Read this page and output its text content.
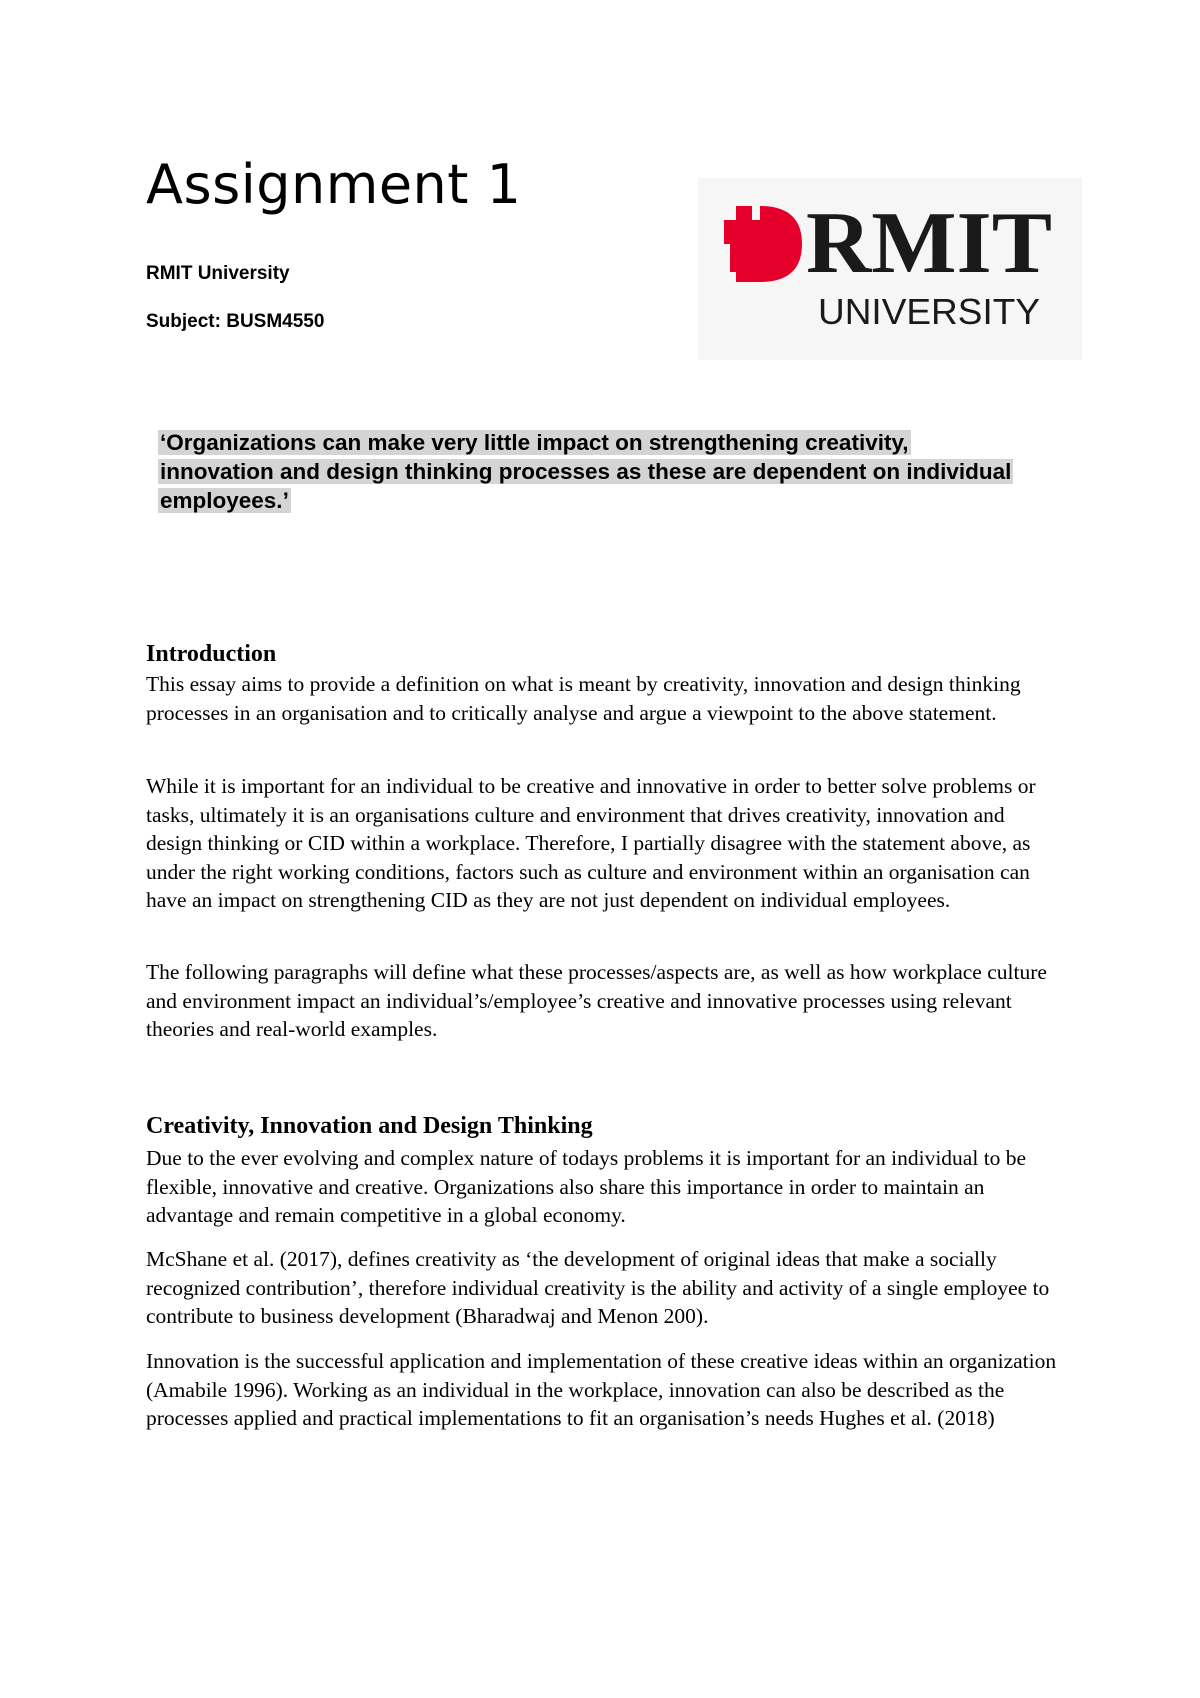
Assignment 1
RMIT University
Subject: BUSM4550
RMIT
UNIVERSITY

‘Organizations can make very little impact on strengthening creativity, innovation and design thinking processes as these are dependent on individual employees.’

Introduction

This essay aims to provide a definition on what is meant by creativity, innovation and design thinking processes in an organisation and to critically analyse and argue a viewpoint to the above statement.

While it is important for an individual to be creative and innovative in order to better solve problems or tasks, ultimately it is an organisations culture and environment that drives creativity, innovation and design thinking or CID within a workplace. Therefore, I partially disagree with the statement above, as under the right working conditions, factors such as culture and environment within an organisation can have an impact on strengthening CID as they are not just dependent on individual employees.

The following paragraphs will define what these processes/aspects are, as well as how workplace culture and environment impact an individual’s/employee’s creative and innovative processes using relevant theories and real-world examples.

Creativity, Innovation and Design Thinking

Due to the ever evolving and complex nature of todays problems it is important for an individual to be flexible, innovative and creative. Organizations also share this importance in order to maintain an advantage and remain competitive in a global economy.

McShane et al. (2017), defines creativity as ‘the development of original ideas that make a socially recognized contribution’, therefore individual creativity is the ability and activity of a single employee to contribute to business development (Bharadwaj and Menon 200).

Innovation is the successful application and implementation of these creative ideas within an organization (Amabile 1996). Working as an individual in the workplace, innovation can also be described as the processes applied and practical implementations to fit an organisation’s needs Hughes et al. (2018)
